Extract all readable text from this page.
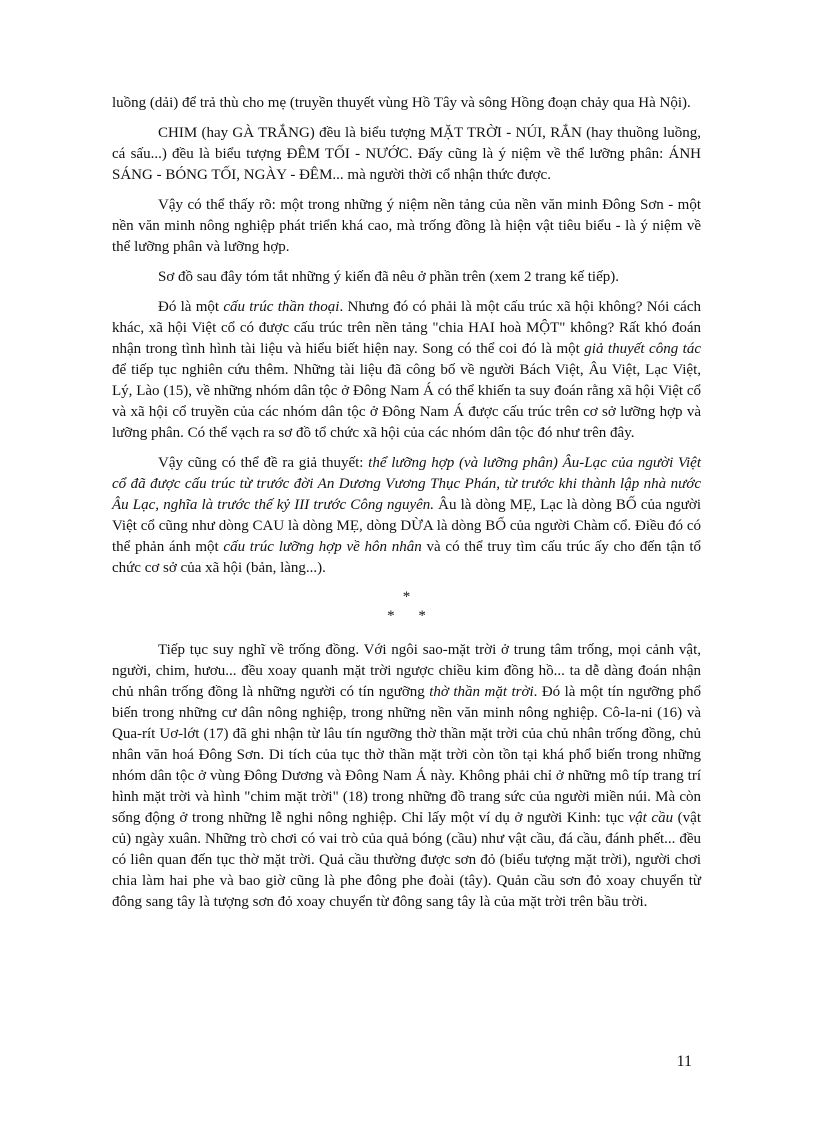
luồng (dải) để trả thù cho mẹ (truyền thuyết vùng Hồ Tây và sông Hồng đoạn chảy qua Hà Nội).

CHIM (hay GÀ TRẮNG) đều là biểu tượng MẶT TRỜI - NÚI, RẮN (hay thuồng luồng, cá sấu...) đều là biểu tượng ĐÊM TỐI - NƯỚC. Đấy cũng là ý niệm về thể lưỡng phân: ÁNH SÁNG - BÓNG TỐI, NGÀY - ĐÊM... mà người thời cổ nhận thức được.

Vậy có thể thấy rõ: một trong những ý niệm nền tảng của nền văn minh Đông Sơn - một nền văn minh nông nghiệp phát triển khá cao, mà trống đồng là hiện vật tiêu biểu - là ý niệm về thể lưỡng phân và lưỡng hợp.

Sơ đồ sau đây tóm tắt những ý kiến đã nêu ở phần trên (xem 2 trang kế tiếp).

Đó là một cấu trúc thần thoại. Nhưng đó có phải là một cấu trúc xã hội không? Nói cách khác, xã hội Việt cổ có được cấu trúc trên nền tảng "chia HAI hoà MỘT" không? Rất khó đoán nhận trong tình hình tài liệu và hiểu biết hiện nay. Song có thể coi đó là một giả thuyết công tác để tiếp tục nghiên cứu thêm. Những tài liệu đã công bố về người Bách Việt, Âu Việt, Lạc Việt, Lý, Lào (15), về những nhóm dân tộc ở Đông Nam Á có thể khiến ta suy đoán rằng xã hội Việt cổ và xã hội cổ truyền của các nhóm dân tộc ở Đông Nam Á được cấu trúc trên cơ sở lưỡng hợp và lưỡng phân. Có thể vạch ra sơ đồ tổ chức xã hội của các nhóm dân tộc đó như trên đây.

Vậy cũng có thể đề ra giả thuyết: thể lưỡng hợp (và lưỡng phân) Âu-Lạc của người Việt cổ đã được cấu trúc từ trước đời An Dương Vương Thục Phán, từ trước khi thành lập nhà nước Âu Lạc, nghĩa là trước thế kỷ III trước Công nguyên. Âu là dòng MẸ, Lạc là dòng BỐ của người Việt cổ cũng như dòng CAU là dòng MẸ, dòng DỪA là dòng BỐ của người Chàm cổ. Điều đó có thể phản ánh một cấu trúc lưỡng hợp về hôn nhân và có thể truy tìm cấu trúc ấy cho đến tận tổ chức cơ sở của xã hội (bản, làng...).

*
* *

Tiếp tục suy nghĩ về trống đồng. Với ngôi sao-mặt trời ở trung tâm trống, mọi cảnh vật, người, chim, hươu... đều xoay quanh mặt trời ngược chiều kim đồng hồ... ta dễ dàng đoán nhận chủ nhân trống đồng là những người có tín ngưỡng thờ thần mặt trời. Đó là một tín ngưỡng phổ biến trong những cư dân nông nghiệp, trong những nền văn minh nông nghiệp. Cô-la-ni (16) và Qua-rít Uơ-lớt (17) đã ghi nhận từ lâu tín ngưỡng thờ thần mặt trời của chủ nhân trống đồng, chủ nhân văn hoá Đông Sơn. Di tích của tục thờ thần mặt trời còn tồn tại khá phổ biến trong những nhóm dân tộc ở vùng Đông Dương và Đông Nam Á này. Không phải chỉ ở những mô típ trang trí hình mặt trời và hình "chim mặt trời" (18) trong những đồ trang sức của người miền núi. Mà còn sống động ở trong những lễ nghi nông nghiệp. Chỉ lấy một ví dụ ở người Kinh: tục vật cầu (vật củ) ngày xuân. Những trò chơi có vai trò của quả bóng (cầu) như vật cầu, đá cầu, đánh phết... đều có liên quan đến tục thờ mặt trời. Quả cầu thường được sơn đỏ (biểu tượng mặt trời), người chơi chia làm hai phe và bao giờ cũng là phe đông phe đoài (tây). Quản cầu sơn đỏ xoay chuyển từ đông sang tây là tượng sơn đỏ xoay chuyển từ đông sang tây là của mặt trời trên bầu trời.

11
